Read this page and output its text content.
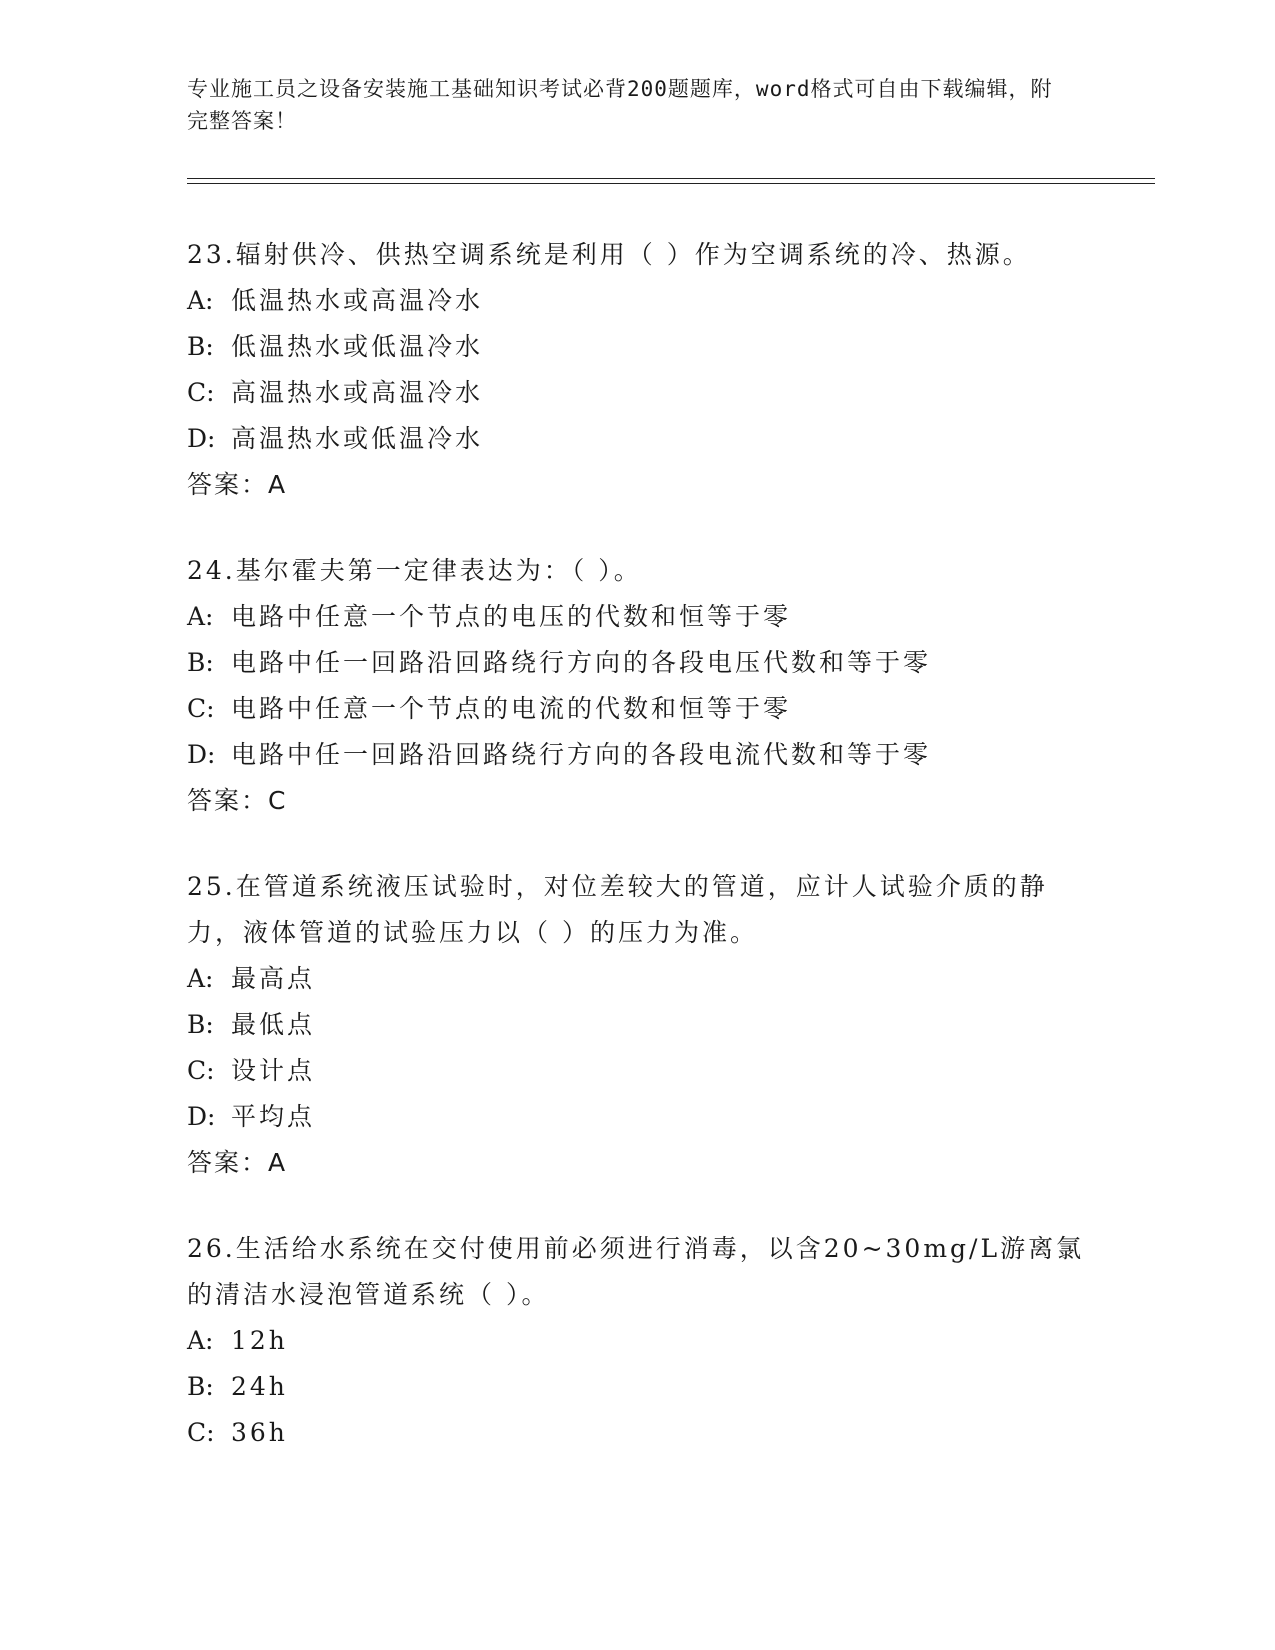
专业施工员之设备安装施工基础知识考试必背200题题库，word格式可自由下载编辑，附完整答案！
23.辐射供冷、供热空调系统是利用（ ）作为空调系统的冷、热源。
A: 低温热水或高温冷水
B: 低温热水或低温冷水
C: 高温热水或高温冷水
D: 高温热水或低温冷水
答案：A
24.基尔霍夫第一定律表达为：（ ）。
A: 电路中任意一个节点的电压的代数和恒等于零
B: 电路中任一回路沿回路绕行方向的各段电压代数和等于零
C: 电路中任意一个节点的电流的代数和恒等于零
D: 电路中任一回路沿回路绕行方向的各段电流代数和等于零
答案：C
25.在管道系统液压试验时，对位差较大的管道，应计人试验介质的静力，液体管道的试验压力以（ ）的压力为准。
A: 最高点
B: 最低点
C: 设计点
D: 平均点
答案：A
26.生活给水系统在交付使用前必须进行消毒，以含20~30mg/L游离氯的清洁水浸泡管道系统（ ）。
A: 12h
B: 24h
C: 36h
